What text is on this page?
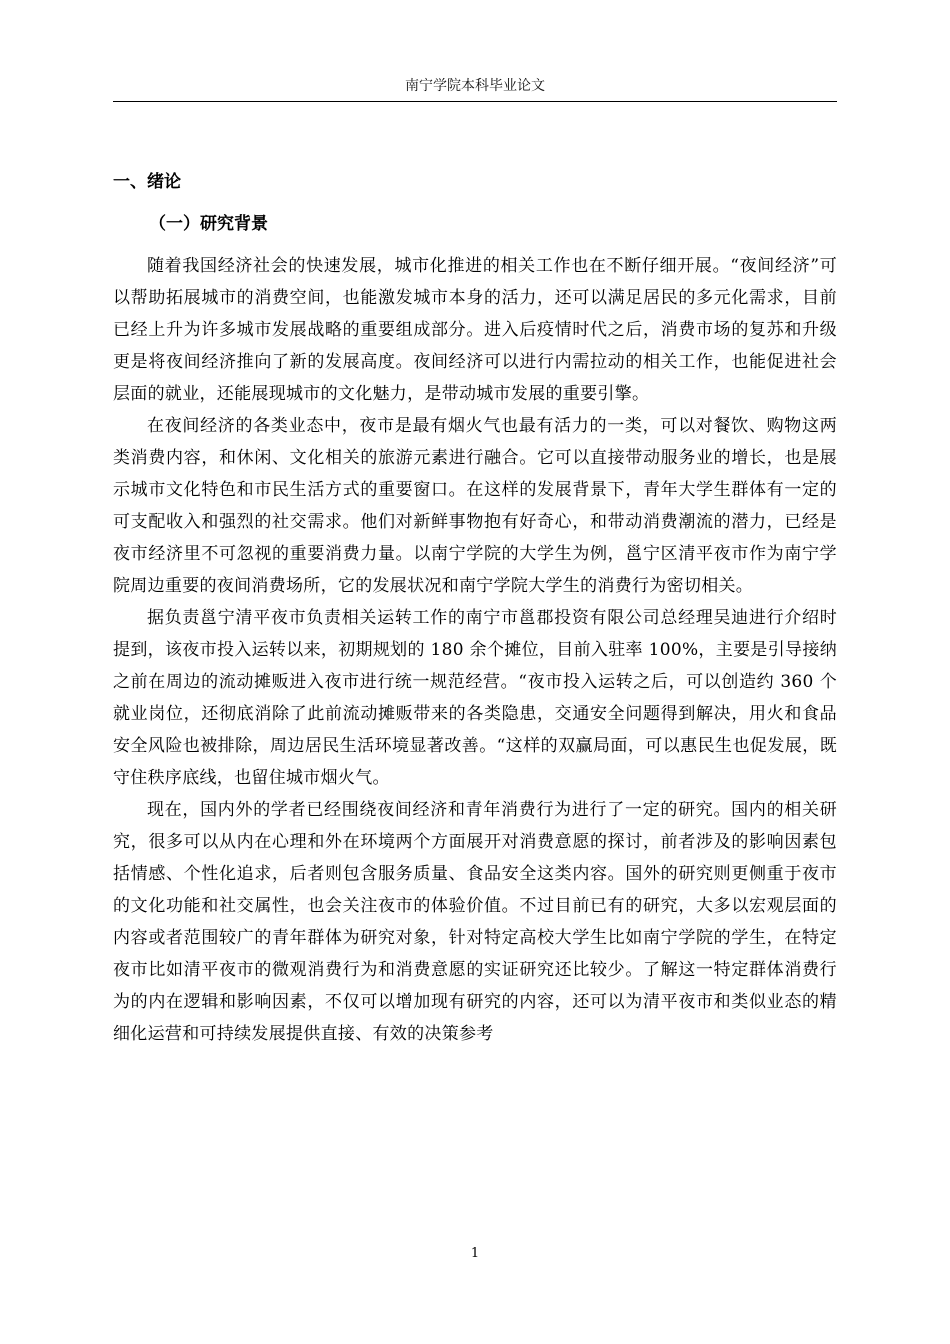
南宁学院本科毕业论文
一、绪论
（一）研究背景

随着我国经济社会的快速发展，城市化推进的相关工作也在不断仔细开展。“夜间经济”可以帮助拓展城市的消费空间，也能激发城市本身的活力，还可以满足居民的多元化需求，目前已经上升为许多城市发展战略的重要组成部分。进入后疫情时代之后，消费市场的复苏和升级更是将夜间经济推向了新的发展高度。夜间经济可以进行内需拉动的相关工作，也能促进社会层面的就业，还能展现城市的文化魅力，是带动城市发展的重要引擎。

在夜间经济的各类业态中，夜市是最有烟火气也最有活力的一类，可以对餐饮、购物这两类消费内容，和休闲、文化相关的旅游元素进行融合。它可以直接带动服务业的增长，也是展示城市文化特色和市民生活方式的重要窗口。在这样的发展背景下，青年大学生群体有一定的可支配收入和强烈的社交需求。他们对新鲜事物抱有好奇心，和带动消费潮流的潜力，已经是夜市经济里不可忽视的重要消费力量。以南宁学院的大学生为例，邕宁区清平夜市作为南宁学院周边重要的夜间消费场所，它的发展状况和南宁学院大学生的消费行为密切相关。

据负责邕宁清平夜市负责相关运转工作的南宁市邕郡投资有限公司总经理吴迪进行介绍时提到，该夜市投入运转以来，初期规划的 180 余个摊位，目前入驻率 100%，主要是引导接纳之前在周边的流动摊贩进入夜市进行统一规范经营。“夜市投入运转之后，可以创造约 360 个就业岗位，还彻底消除了此前流动摊贩带来的各类隐患，交通安全问题得到解决，用火和食品安全风险也被排除，周边居民生活环境显著改善。“这样的双赢局面，可以惠民生也促发展，既守住秩序底线，也留住城市烟火气。

现在，国内外的学者已经围绕夜间经济和青年消费行为进行了一定的研究。国内的相关研究，很多可以从内在心理和外在环境两个方面展开对消费意愿的探讨，前者涉及的影响因素包括情感、个性化追求，后者则包含服务质量、食品安全这类内容。国外的研究则更侧重于夜市的文化功能和社交属性，也会关注夜市的体验价值。不过目前已有的研究，大多以宏观层面的内容或者范围较广的青年群体为研究对象，针对特定高校大学生比如南宁学院的学生，在特定夜市比如清平夜市的微观消费行为和消费意愿的实证研究还比较少。了解这一特定群体消费行为的内在逻辑和影响因素，不仅可以增加现有研究的内容，还可以为清平夜市和类似业态的精细化运营和可持续发展提供直接、有效的决策参考

1
